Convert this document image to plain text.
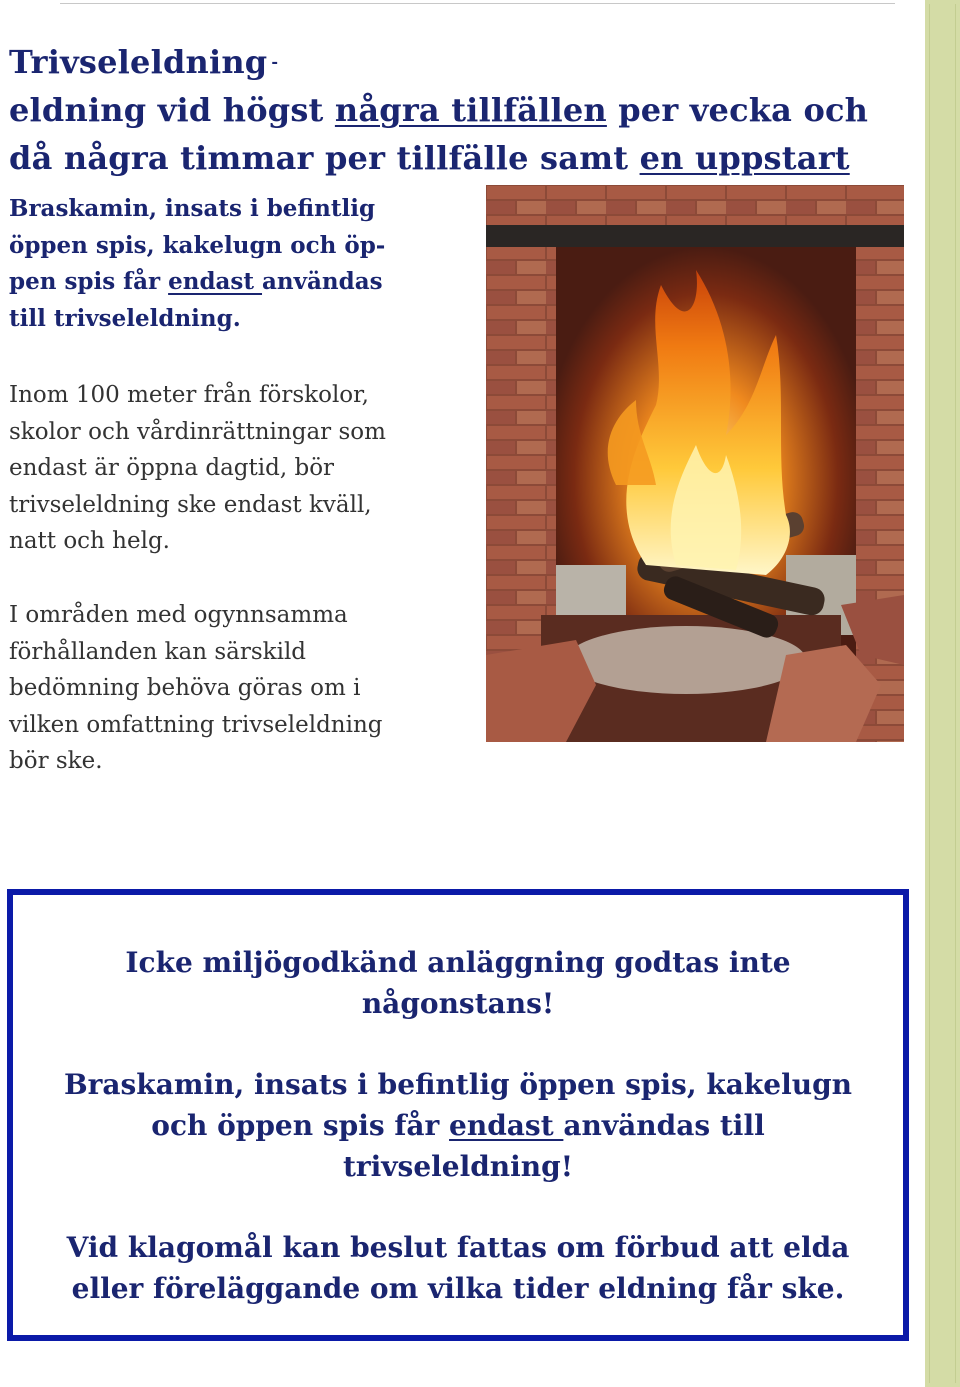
Trivseleldning -
eldning vid högst några tillfällen per vecka och
då några timmar per tillfälle samt en uppstart
Braskamin, insats i befintlig
öppen spis, kakelugn och öp-
pen spis får endast användas
till trivseleldning.
Inom 100 meter från förskolor,
skolor och vårdinrättningar som
endast är öppna dagtid, bör
trivseleldning ske endast kväll,
natt och helg.
I områden med ogynnsamma
förhållanden kan särskild
bedömning behöva göras om i
vilken omfattning trivseleldning
bör ske.
Icke miljögodkänd anläggning godtas inte
någonstans!
Braskamin, insats i befintlig öppen spis, kakelugn
och öppen spis får endast användas till
trivseleldning!
Vid klagomål kan beslut fattas om förbud att elda
eller föreläggande om vilka tider eldning får ske.
